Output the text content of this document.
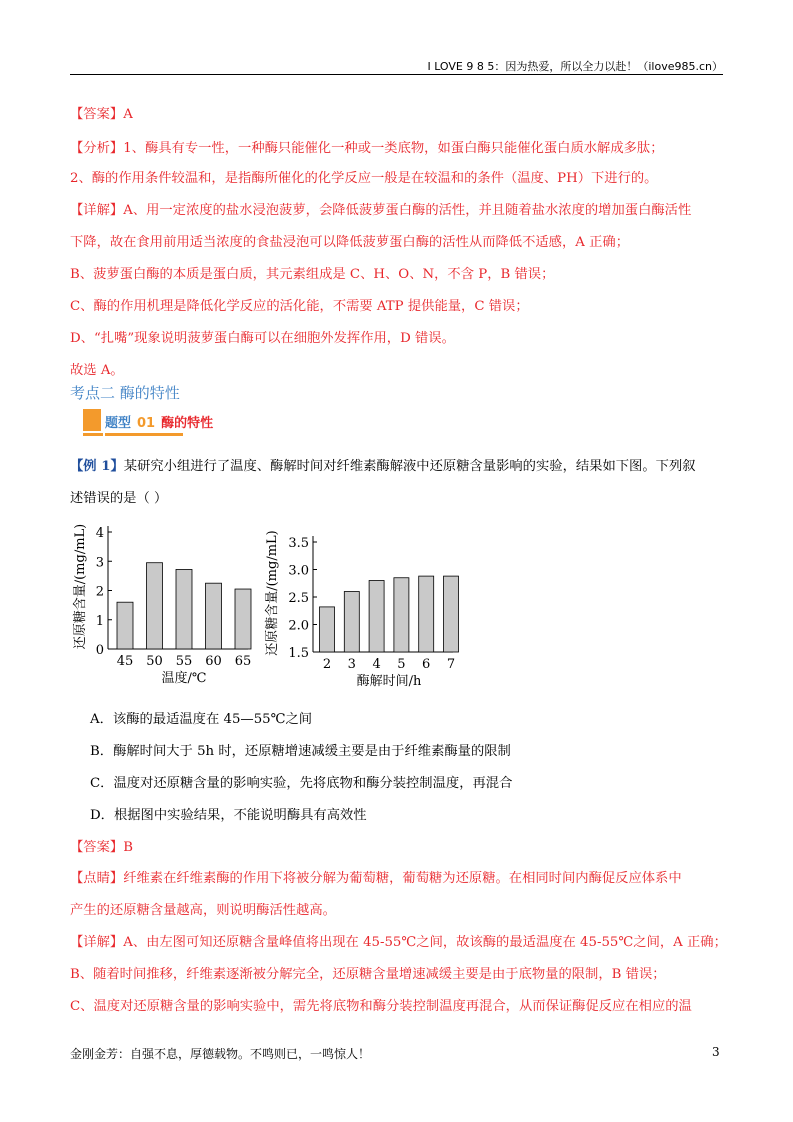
I LOVE 9 8 5：因为热爱，所以全力以赴！（ilove985.cn）
【答案】A
【分析】1、酶具有专一性，一种酶只能催化一种或一类底物，如蛋白酶只能催化蛋白质水解成多肽；
2、酶的作用条件较温和，是指酶所催化的化学反应一般是在较温和的条件（温度、PH）下进行的。
【详解】A、用一定浓度的盐水浸泡菠萝，会降低菠萝蛋白酶的活性，并且随着盐水浓度的增加蛋白酶活性
下降，故在食用前用适当浓度的食盐浸泡可以降低菠萝蛋白酶的活性从而降低不适感，A 正确；
B、菠萝蛋白酶的本质是蛋白质，其元素组成是 C、H、O、N，不含 P，B 错误；
C、酶的作用机理是降低化学反应的活化能，不需要 ATP 提供能量，C 错误；
D、“扎嘴”现象说明菠萝蛋白酶可以在细胞外发挥作用，D 错误。
故选 A。
考点二 酶的特性
题型 01 酶的特性
【例 1】某研究小组进行了温度、酶解时间对纤维素酶解液中还原糖含量影响的实验，结果如下图。下列叙
述错误的是（ ）
0
1
2
3
4
45 50 55 60 65
温度/℃
还原糖含量/(mg/mL)
1.5
2.0
2.5
3.0
3.5
2 3 4 5 6 7
酶解时间/h
还原糖含量/(mg/mL)
A．该酶的最适温度在 45—55℃之间
B．酶解时间大于 5h 时，还原糖增速减缓主要是由于纤维素酶量的限制
C．温度对还原糖含量的影响实验，先将底物和酶分装控制温度，再混合
D．根据图中实验结果，不能说明酶具有高效性
【答案】B
【点睛】纤维素在纤维素酶的作用下将被分解为葡萄糖，葡萄糖为还原糖。在相同时间内酶促反应体系中
产生的还原糖含量越高，则说明酶活性越高。
【详解】A、由左图可知还原糖含量峰值将出现在 45-55℃之间，故该酶的最适温度在 45-55℃之间，A 正确；
B、随着时间推移，纤维素逐渐被分解完全，还原糖含量增速减缓主要是由于底物量的限制，B 错误；
C、温度对还原糖含量的影响实验中，需先将底物和酶分装控制温度再混合，从而保证酶促反应在相应的温
金刚金芳：自强不息，厚德载物。不鸣则已，一鸣惊人！	3
